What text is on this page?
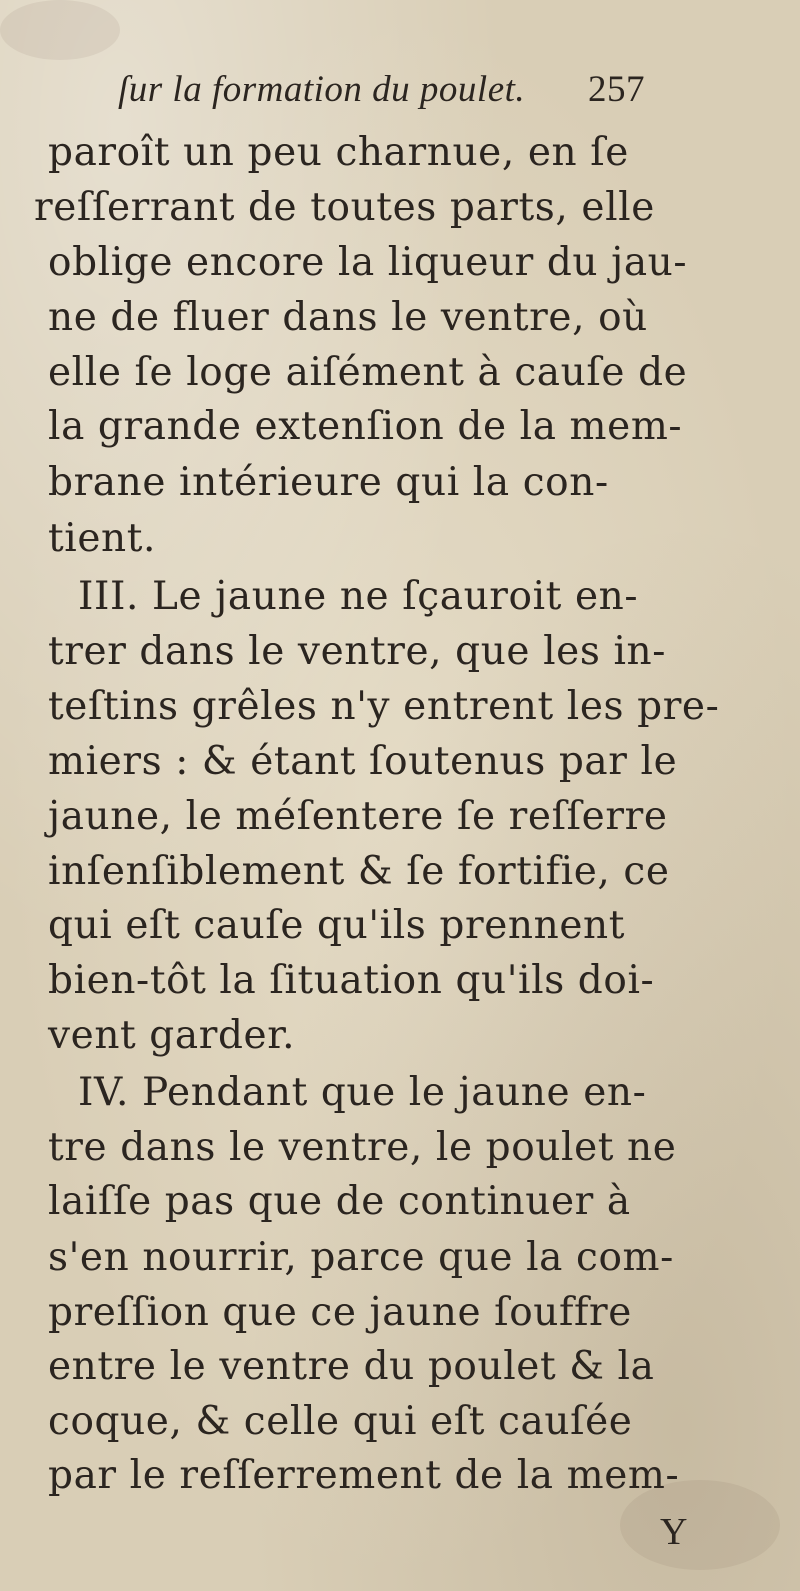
ſur la formation du poulet. 257
paroît un peu charnue, en ſe
reſſerrant de toutes parts, elle
oblige encore la liqueur du jau-
ne de fluer dans le ventre, où
elle ſe loge aiſément à cauſe de
la grande extenſion de la mem-
brane intérieure qui la con-
tient.
III. Le jaune ne ſçauroit en-
trer dans le ventre, que les in-
teſtins grêles n'y entrent les pre-
miers : & étant ſoutenus par le
jaune, le méſentere ſe reſſerre
inſenſiblement & ſe fortifie, ce
qui eſt cauſe qu'ils prennent
bien-tôt la ſituation qu'ils doi-
vent garder.
IV. Pendant que le jaune en-
tre dans le ventre, le poulet ne
laiſſe pas que de continuer à
s'en nourrir, parce que la com-
preſſion que ce jaune ſouffre
entre le ventre du poulet & la
coque, & celle qui eſt cauſée
par le reſſerrement de la mem-
Y
